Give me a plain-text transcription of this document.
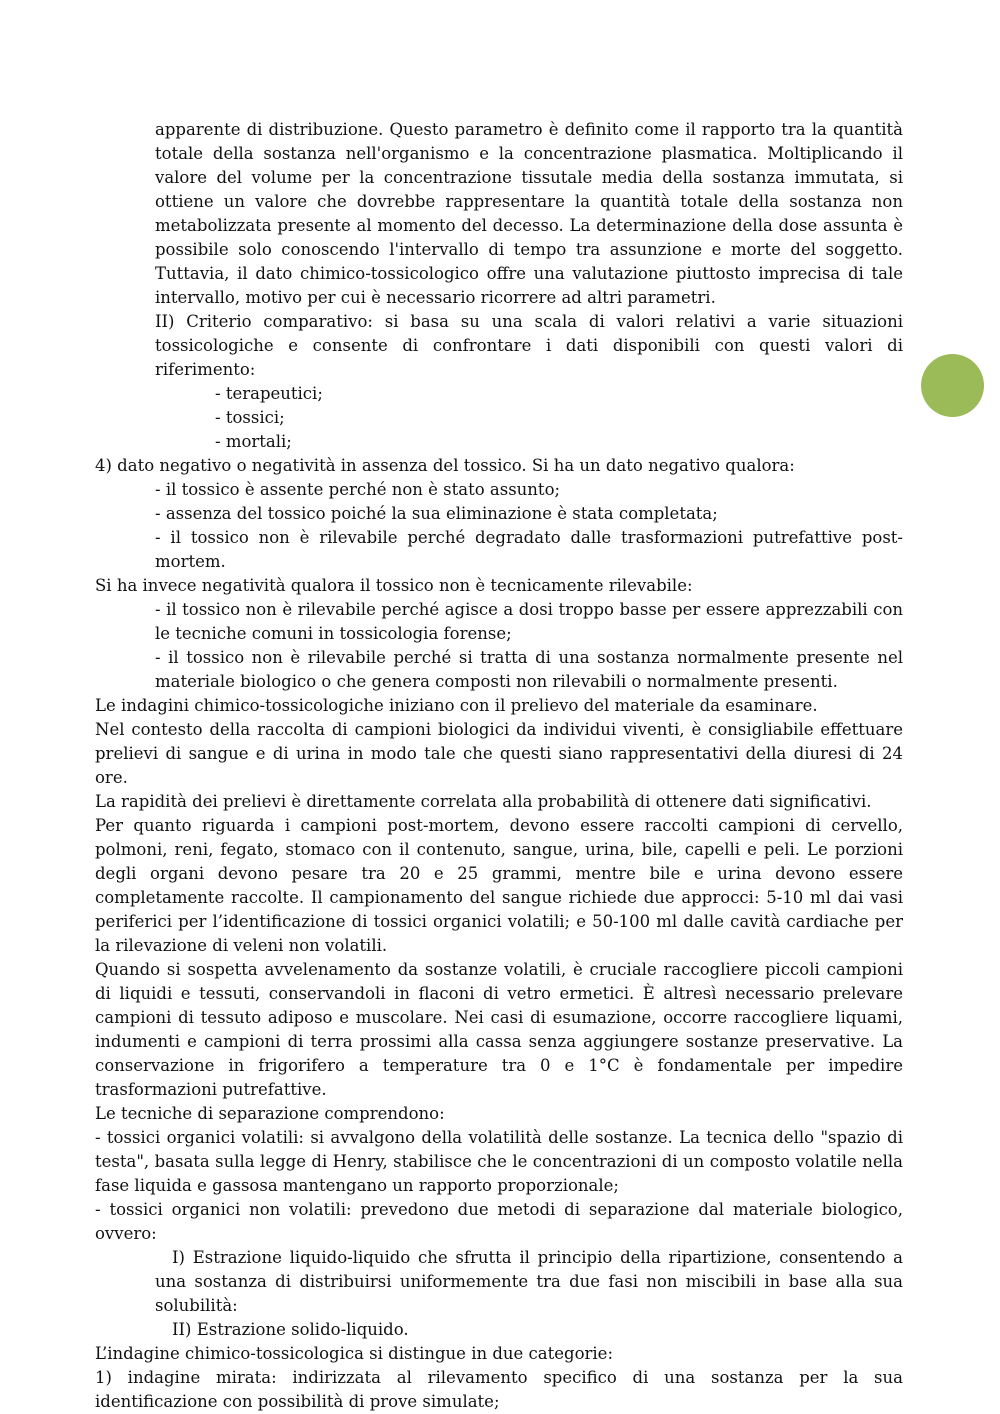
apparente di distribuzione. Questo parametro è definito come il rapporto tra la quantità totale della sostanza nell'organismo e la concentrazione plasmatica. Moltiplicando il valore del volume per la concentrazione tissutale media della sostanza immutata, si ottiene un valore che dovrebbe rappresentare la quantità totale della sostanza non metabolizzata presente al momento del decesso. La determinazione della dose assunta è possibile solo conoscendo l'intervallo di tempo tra assunzione e morte del soggetto. Tuttavia, il dato chimico-tossicologico offre una valutazione piuttosto imprecisa di tale intervallo, motivo per cui è necessario ricorrere ad altri parametri.

II) Criterio comparativo: si basa su una scala di valori relativi a varie situazioni tossicologiche e consente di confrontare i dati disponibili con questi valori di riferimento:

- terapeutici;

- tossici;

- mortali;

4) dato negativo o negatività in assenza del tossico. Si ha un dato negativo qualora:

- il tossico è assente perché non è stato assunto;

- assenza del tossico poiché la sua eliminazione è stata completata;

- il tossico non è rilevabile perché degradato dalle trasformazioni putrefattive post-mortem.

Si ha invece negatività qualora il tossico non è tecnicamente rilevabile:

- il tossico non è rilevabile perché agisce a dosi troppo basse per essere apprezzabili con le tecniche comuni in tossicologia forense;

- il tossico non è rilevabile perché si tratta di una sostanza normalmente presente nel materiale biologico o che genera composti non rilevabili o normalmente presenti.

Le indagini chimico-tossicologiche iniziano con il prelievo del materiale da esaminare.

Nel contesto della raccolta di campioni biologici da individui viventi, è consigliabile effettuare prelievi di sangue e di urina in modo tale che questi siano rappresentativi della diuresi di 24 ore.

La rapidità dei prelievi è direttamente correlata alla probabilità di ottenere dati significativi.

Per quanto riguarda i campioni post-mortem, devono essere raccolti campioni di cervello, polmoni, reni, fegato, stomaco con il contenuto, sangue, urina, bile, capelli e peli. Le porzioni degli organi devono pesare tra 20 e 25 grammi, mentre bile e urina devono essere completamente raccolte. Il campionamento del sangue richiede due approcci: 5-10 ml dai vasi periferici per l’identificazione di tossici organici volatili; e 50-100 ml dalle cavità cardiache per la rilevazione di veleni non volatili.

Quando si sospetta avvelenamento da sostanze volatili, è cruciale raccogliere piccoli campioni di liquidi e tessuti, conservandoli in flaconi di vetro ermetici. È altresì necessario prelevare campioni di tessuto adiposo e muscolare. Nei casi di esumazione, occorre raccogliere liquami, indumenti e campioni di terra prossimi alla cassa senza aggiungere sostanze preservative. La conservazione in frigorifero a temperature tra 0 e 1°C è fondamentale per impedire trasformazioni putrefattive.

Le tecniche di separazione comprendono:

- tossici organici volatili: si avvalgono della volatilità delle sostanze. La tecnica dello "spazio di testa", basata sulla legge di Henry, stabilisce che le concentrazioni di un composto volatile nella fase liquida e gassosa mantengano un rapporto proporzionale;

- tossici organici non volatili: prevedono due metodi di separazione dal materiale biologico, ovvero:

I) Estrazione liquido-liquido che sfrutta il principio della ripartizione, consentendo a una sostanza di distribuirsi uniformemente tra due fasi non miscibili in base alla sua solubilità:

II) Estrazione solido-liquido.

L’indagine chimico-tossicologica si distingue in due categorie:

1) indagine mirata: indirizzata al rilevamento specifico di una sostanza per la sua identificazione con possibilità di prove simulate;
